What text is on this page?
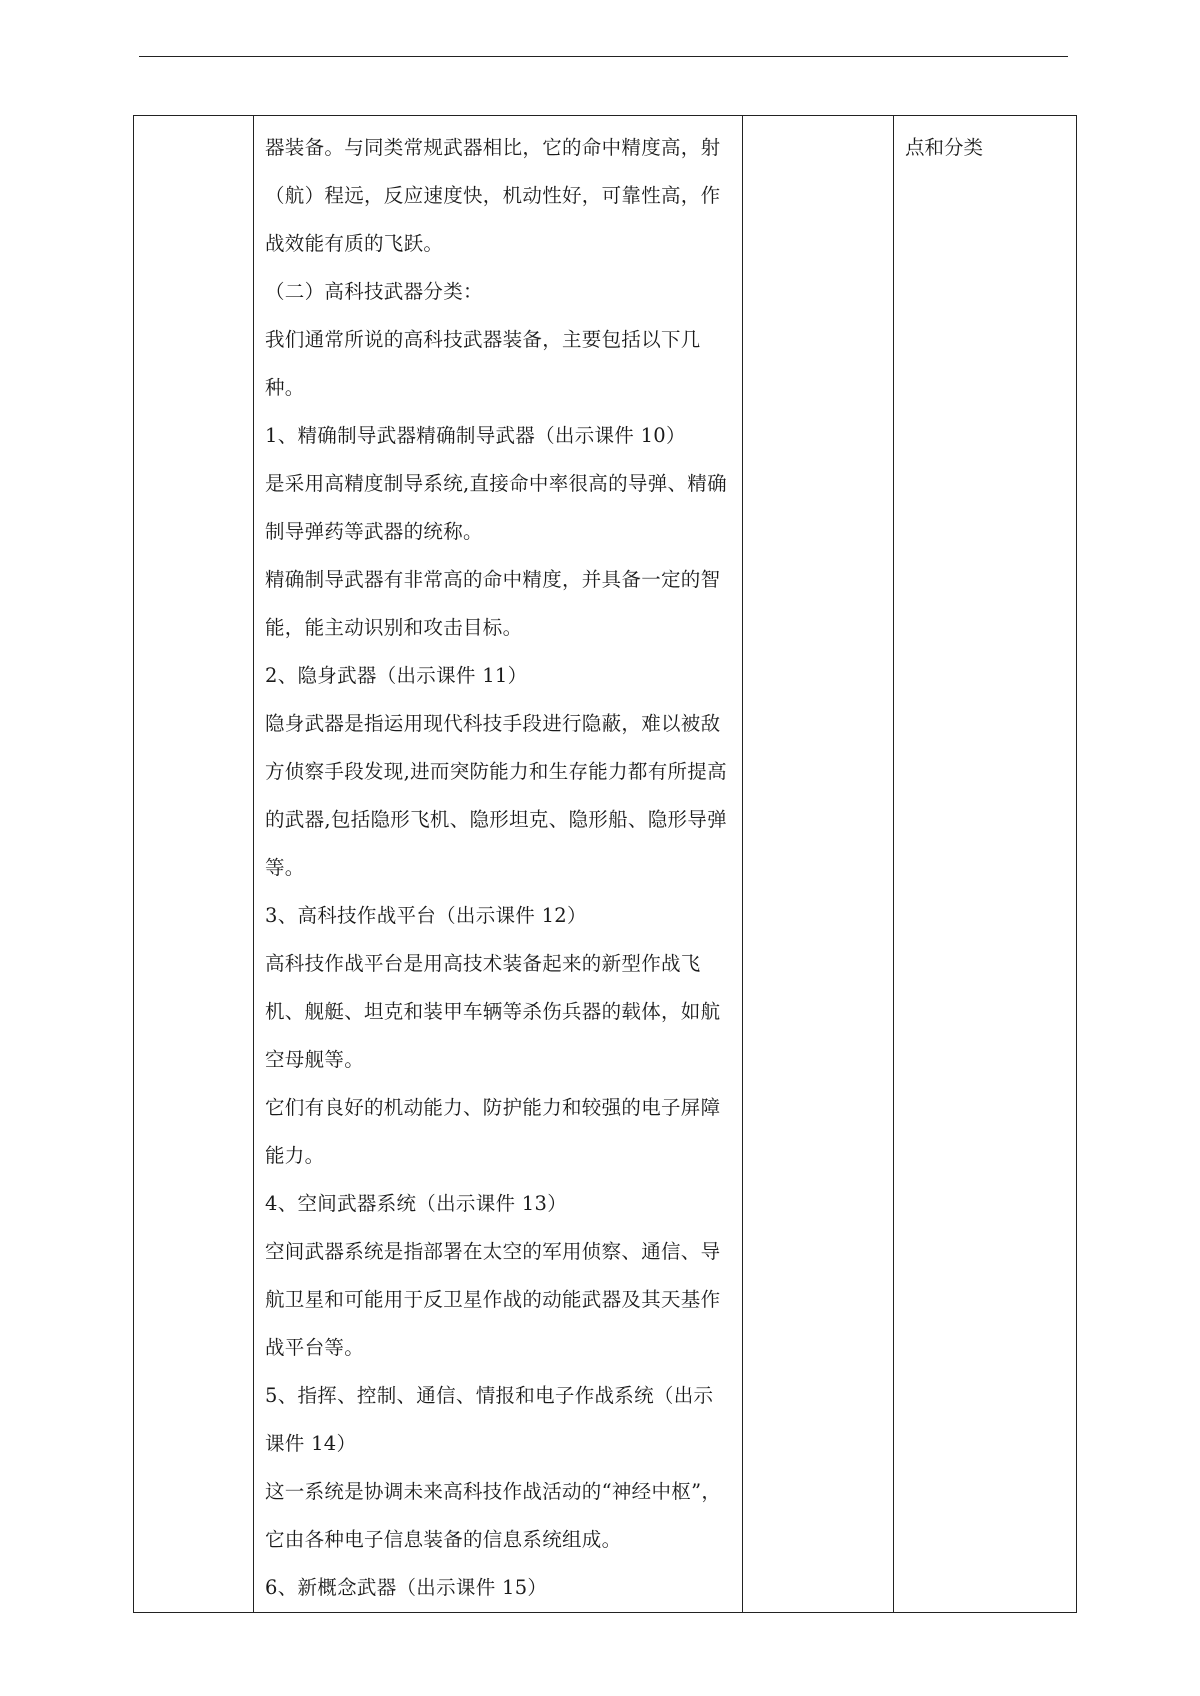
器装备。与同类常规武器相比，它的命中精度高，射（航）程远，反应速度快，机动性好，可靠性高，作战效能有质的飞跃。

（二）高科技武器分类：

我们通常所说的高科技武器装备，主要包括以下几种。

1、精确制导武器精确制导武器（出示课件 10）

是采用高精度制导系统,直接命中率很高的导弹、精确制导弹药等武器的统称。

精确制导武器有非常高的命中精度，并具备一定的智能，能主动识别和攻击目标。

2、隐身武器（出示课件 11）

隐身武器是指运用现代科技手段进行隐蔽，难以被敌方侦察手段发现,进而突防能力和生存能力都有所提高的武器,包括隐形飞机、隐形坦克、隐形船、隐形导弹等。

3、高科技作战平台（出示课件 12）

高科技作战平台是用高技术装备起来的新型作战飞机、舰艇、坦克和装甲车辆等杀伤兵器的载体，如航空母舰等。

它们有良好的机动能力、防护能力和较强的电子屏障能力。

4、空间武器系统（出示课件 13）

空间武器系统是指部署在太空的军用侦察、通信、导航卫星和可能用于反卫星作战的动能武器及其天基作战平台等。

5、指挥、控制、通信、情报和电子作战系统（出示课件 14）

这一系统是协调未来高科技作战活动的“神经中枢”，它由各种电子信息装备的信息系统组成。

6、新概念武器（出示课件 15）

点和分类
